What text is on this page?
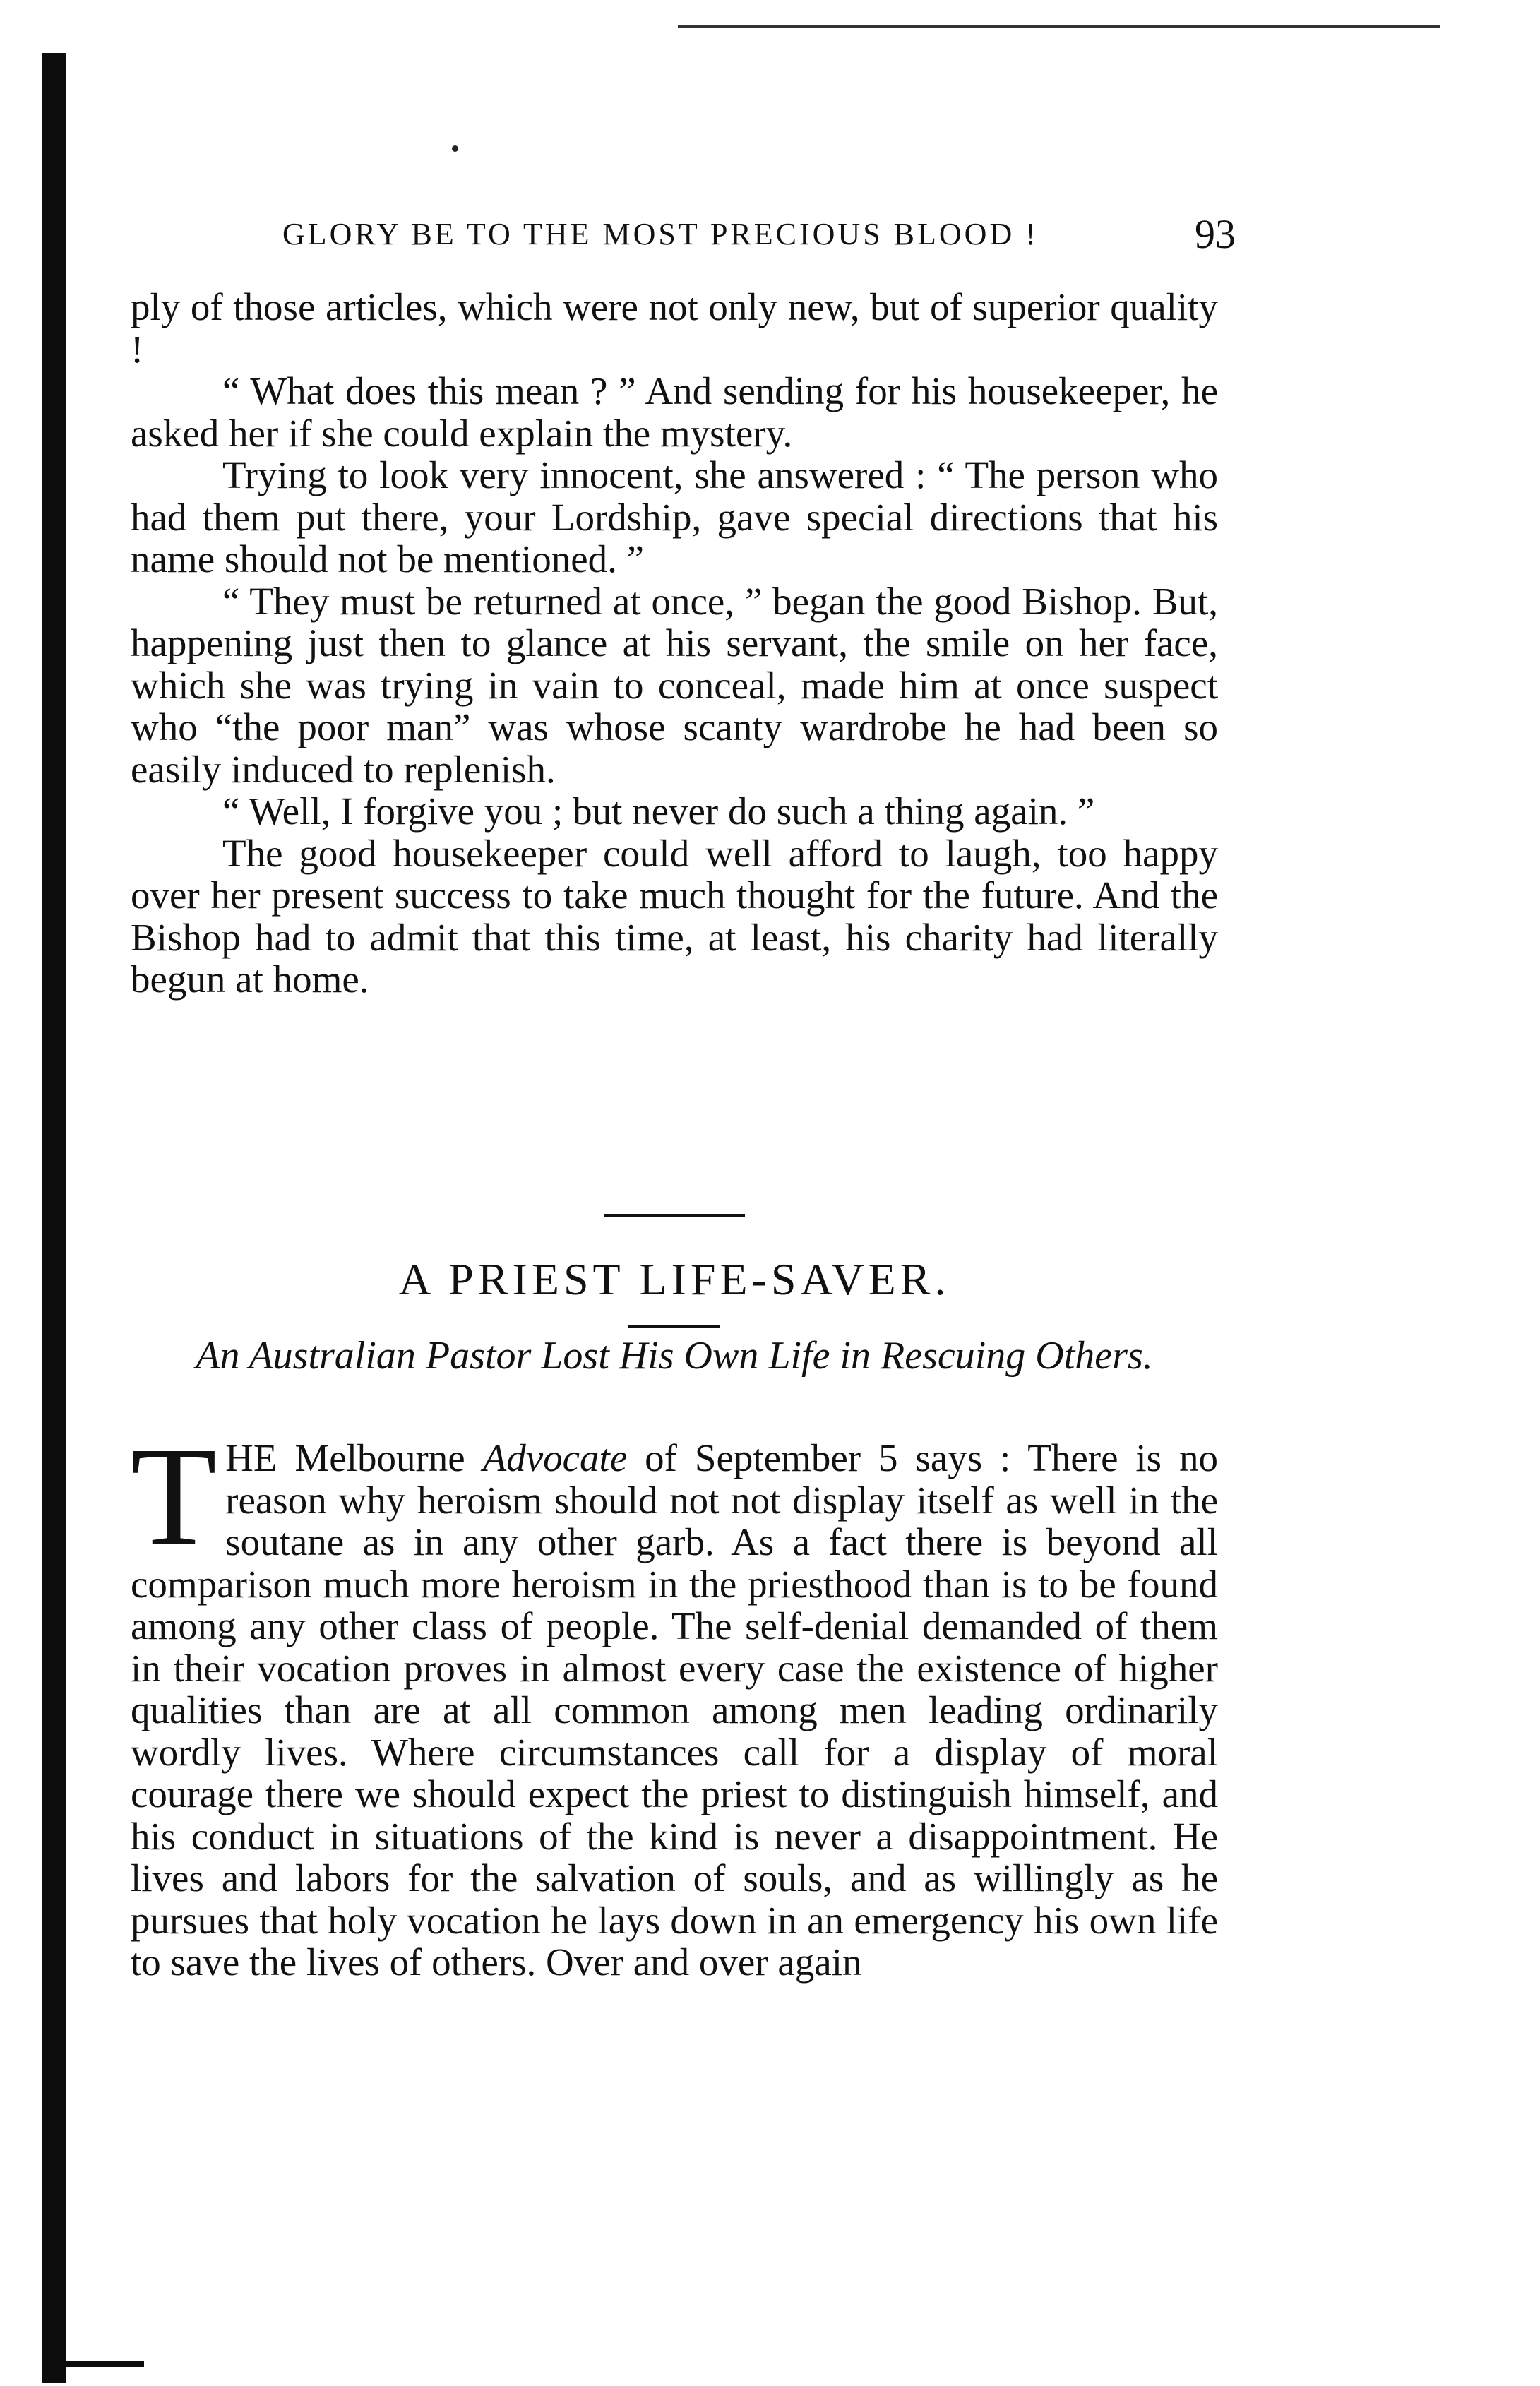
GLORY BE TO THE MOST PRECIOUS BLOOD !	93

ply of those articles, which were not only new, but of superior quality !

“ What does this mean ? ” And sending for his housekeeper, he asked her if she could explain the mystery.

Trying to look very innocent, she answered : “ The person who had them put there, your Lordship, gave special directions that his name should not be mentioned. ”

“ They must be returned at once, ” began the good Bishop. But, happening just then to glance at his servant, the smile on her face, which she was trying in vain to conceal, made him at once suspect who “the poor man” was whose scanty wardrobe he had been so easily induced to replenish.

“ Well, I forgive you ; but never do such a thing again. ”

The good housekeeper could well afford to laugh, too happy over her present success to take much thought for the future. And the Bishop had to admit that this time, at least, his charity had literally begun at home.

A PRIEST LIFE-SAVER.
An Australian Pastor Lost His Own Life in Rescuing Others.

THE Melbourne Advocate of September 5 says : There is no reason why heroism should not not display itself as well in the soutane as in any other garb. As a fact there is beyond all comparison much more heroism in the priesthood than is to be found among any other class of people. The self-denial demanded of them in their vocation proves in almost every case the existence of higher qualities than are at all common among men leading ordinarily wordly lives. Where circumstances call for a display of moral courage there we should expect the priest to distinguish himself, and his conduct in situations of the kind is never a disappointment. He lives and labors for the salvation of souls, and as willingly as he pursues that holy vocation he lays down in an emergency his own life to save the lives of others. Over and over again
